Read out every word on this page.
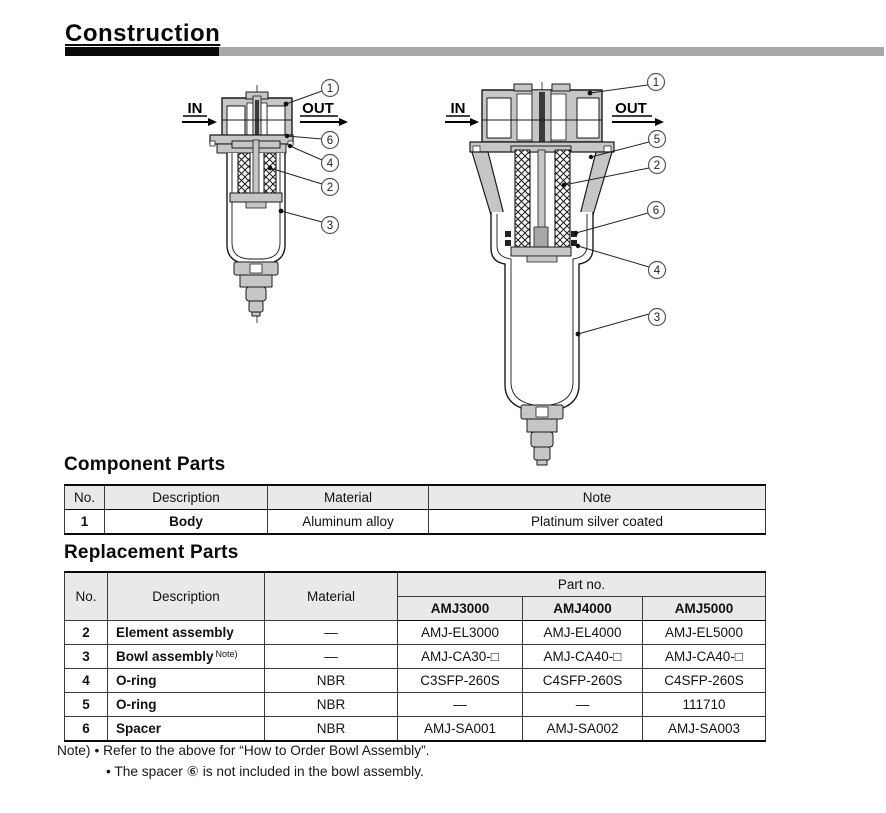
Construction
IN	OUT
1
6
4
2
3
IN	OUT
1
5
2
6
4
3
Component Parts
No.	Description	Material	Note
1	Body	Aluminum alloy	Platinum silver coated
Replacement Parts
No.	Description	Material	Part no.		
			AMJ3000	AMJ4000	AMJ5000
2	Element assembly	—	AMJ-EL3000	AMJ-EL4000	AMJ-EL5000
3	Bowl assembly $^{Note)}$	—	AMJ-CA30-□	AMJ-CA40-□	AMJ-CA40-□
4	O-ring	NBR	C3SFP-260S	C4SFP-260S	C4SFP-260S
5	O-ring	NBR	—	—	111710
6	Spacer	NBR	AMJ-SA001	AMJ-SA002	AMJ-SA003
Note) • Refer to the above for “How to Order Bowl Assembly”.
• The spacer ⑥ is not included in the bowl assembly.
